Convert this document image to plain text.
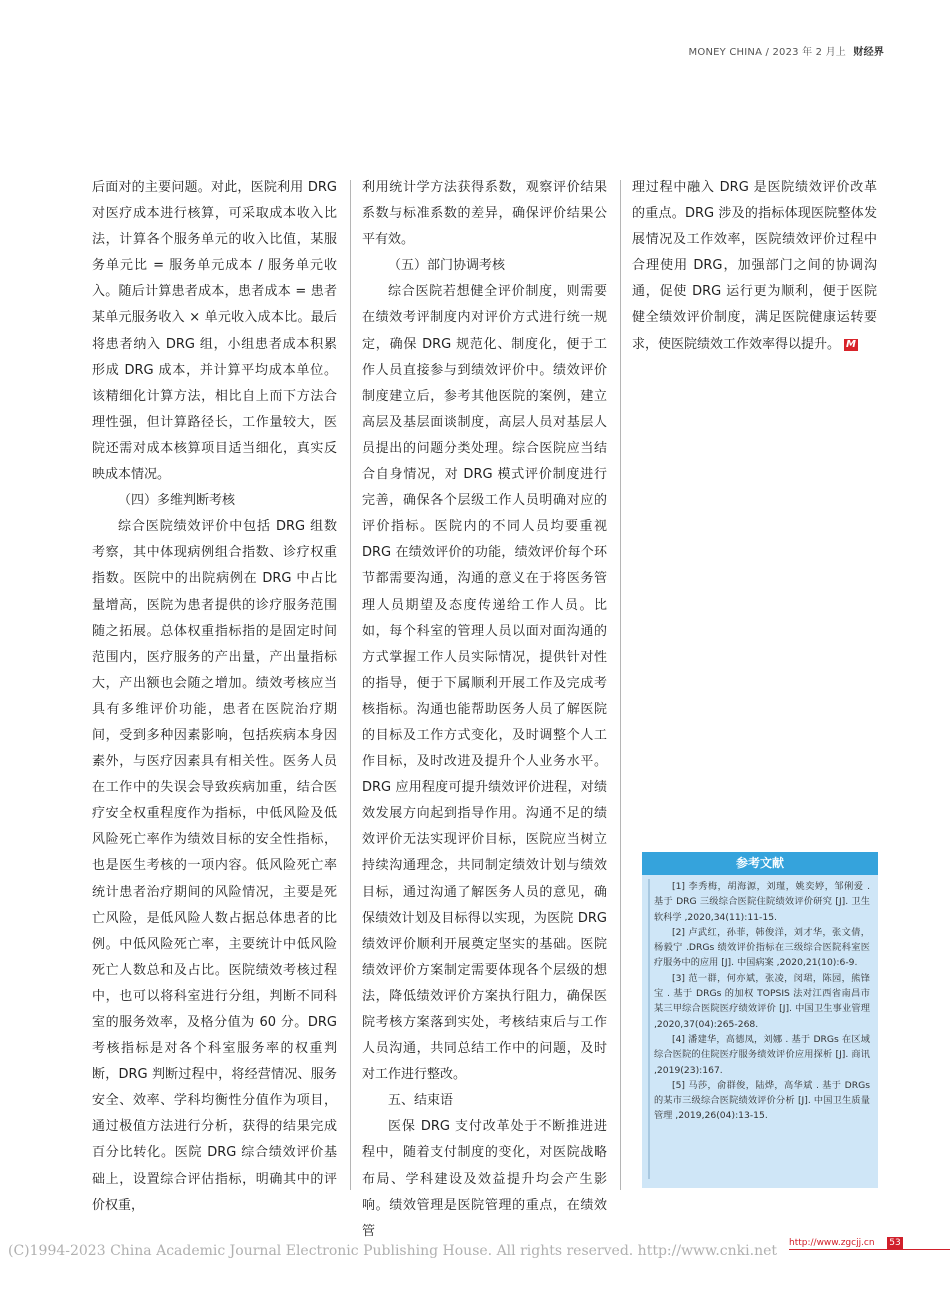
MONEY CHINA / 2023 年 2 月上 财经界

后面对的主要问题。对此，医院利用 DRG 对医疗成本进行核算，可采取成本收入比法，计算各个服务单元的收入比值，某服务单元比 = 服务单元成本 / 服务单元收入。随后计算患者成本，患者成本 = 患者某单元服务收入 × 单元收入成本比。最后将患者纳入 DRG 组，小组患者成本积累形成 DRG 成本，并计算平均成本单位。该精细化计算方法，相比自上而下方法合理性强，但计算路径长，工作量较大，医院还需对成本核算项目适当细化，真实反映成本情况。

（四）多维判断考核

综合医院绩效评价中包括 DRG 组数考察，其中体现病例组合指数、诊疗权重指数。医院中的出院病例在 DRG 中占比量增高，医院为患者提供的诊疗服务范围随之拓展。总体权重指标指的是固定时间范围内，医疗服务的产出量，产出量指标大，产出额也会随之增加。绩效考核应当具有多维评价功能，患者在医院治疗期间，受到多种因素影响，包括疾病本身因素外，与医疗因素具有相关性。医务人员在工作中的失误会导致疾病加重，结合医疗安全权重程度作为指标，中低风险及低风险死亡率作为绩效目标的安全性指标，也是医生考核的一项内容。低风险死亡率统计患者治疗期间的风险情况，主要是死亡风险，是低风险人数占据总体患者的比例。中低风险死亡率，主要统计中低风险死亡人数总和及占比。医院绩效考核过程中，也可以将科室进行分组，判断不同科室的服务效率，及格分值为 60 分。DRG 考核指标是对各个科室服务率的权重判断，DRG 判断过程中，将经营情况、服务安全、效率、学科均衡性分值作为项目，通过极值方法进行分析，获得的结果完成百分比转化。医院 DRG 综合绩效评价基础上，设置综合评估指标，明确其中的评价权重，

利用统计学方法获得系数，观察评价结果系数与标准系数的差异，确保评价结果公平有效。

（五）部门协调考核

综合医院若想健全评价制度，则需要在绩效考评制度内对评价方式进行统一规定，确保 DRG 规范化、制度化，便于工作人员直接参与到绩效评价中。绩效评价制度建立后，参考其他医院的案例，建立高层及基层面谈制度，高层人员对基层人员提出的问题分类处理。综合医院应当结合自身情况，对 DRG 模式评价制度进行完善，确保各个层级工作人员明确对应的评价指标。医院内的不同人员均要重视 DRG 在绩效评价的功能，绩效评价每个环节都需要沟通，沟通的意义在于将医务管理人员期望及态度传递给工作人员。比如，每个科室的管理人员以面对面沟通的方式掌握工作人员实际情况，提供针对性的指导，便于下属顺利开展工作及完成考核指标。沟通也能帮助医务人员了解医院的目标及工作方式变化，及时调整个人工作目标，及时改进及提升个人业务水平。DRG 应用程度可提升绩效评价进程，对绩效发展方向起到指导作用。沟通不足的绩效评价无法实现评价目标，医院应当树立持续沟通理念，共同制定绩效计划与绩效目标，通过沟通了解医务人员的意见，确保绩效计划及目标得以实现，为医院 DRG 绩效评价顺利开展奠定坚实的基础。医院绩效评价方案制定需要体现各个层级的想法，降低绩效评价方案执行阻力，确保医院考核方案落到实处，考核结束后与工作人员沟通，共同总结工作中的问题，及时对工作进行整改。

五、结束语

医保 DRG 支付改革处于不断推进进程中，随着支付制度的变化，对医院战略布局、学科建设及效益提升均会产生影响。绩效管理是医院管理的重点，在绩效管

理过程中融入 DRG 是医院绩效评价改革的重点。DRG 涉及的指标体现医院整体发展情况及工作效率，医院绩效评价过程中合理使用 DRG，加强部门之间的协调沟通，促使 DRG 运行更为顺利，便于医院健全绩效评价制度，满足医院健康运转要求，使医院绩效工作效率得以提升。 M

参考文献

[1] 李秀梅，胡海源，刘瑾，姚奕婷，邹俐爱 . 基于 DRG 三级综合医院住院绩效评价研究 [J]. 卫生软科学 ,2020,34(11):11-15.

[2] 卢武红，孙菲，韩俊洋，刘才华，张文倩，杨毅宁 .DRGs 绩效评价指标在三级综合医院科室医疗服务中的应用 [J]. 中国病案 ,2020,21(10):6-9.

[3] 范一群，何亦斌，张凌，闵珺，陈园，熊锋宝 . 基于 DRGs 的加权 TOPSIS 法对江西省南昌市某三甲综合医院医疗绩效评价 [J]. 中国卫生事业管理 ,2020,37(04):265-268.

[4] 潘建华，高德凤，刘娜 . 基于 DRGs 在区域综合医院的住院医疗服务绩效评价应用探析 [J]. 商讯 ,2019(23):167.

[5] 马莎，俞群俊，陆烨，高华斌 . 基于 DRGs 的某市三级综合医院绩效评价分析 [J]. 中国卫生质量管理 ,2019,26(04):13-15.

http://www.zgcjj.cn 53
(C)1994-2023 China Academic Journal Electronic Publishing House. All rights reserved. http://www.cnki.net
